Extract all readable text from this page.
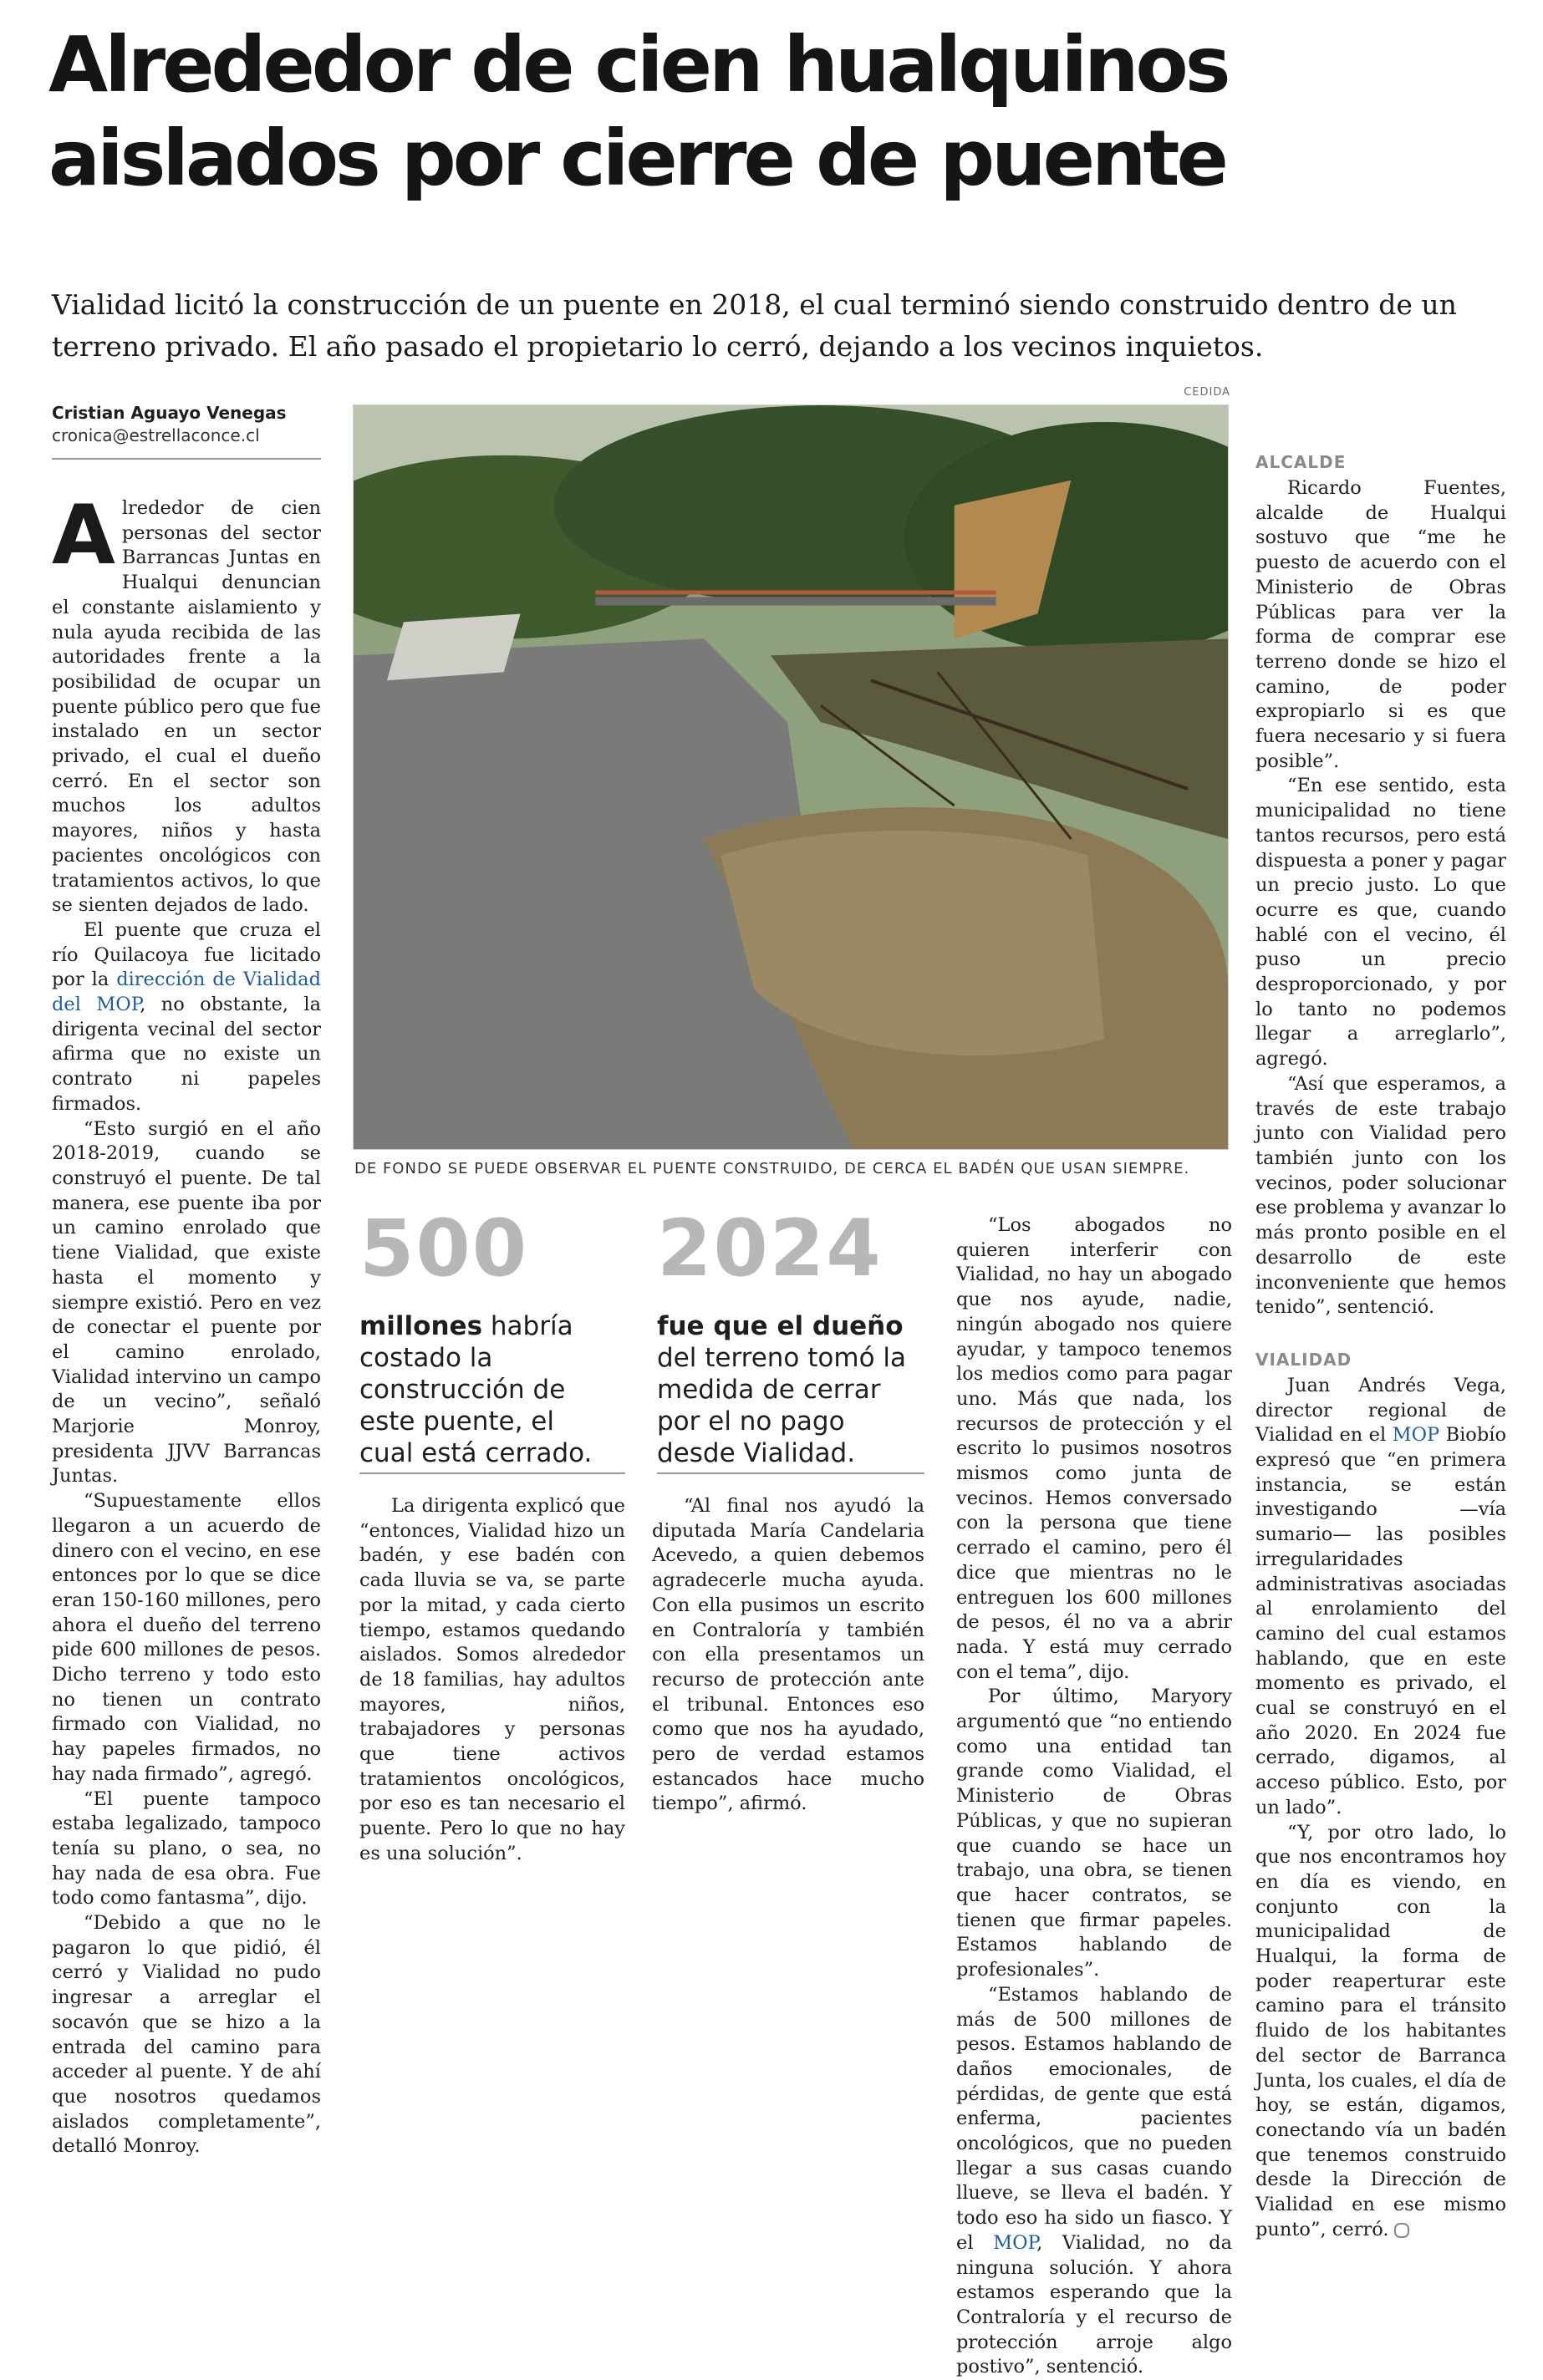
Alrededor de cien hualquinos aislados por cierre de puente

Vialidad licitó la construcción de un puente en 2018, el cual terminó siendo construido dentro de un terreno privado. El año pasado el propietario lo cerró, dejando a los vecinos inquietos.

Cristian Aguayo Venegas
cronica@estrellaconce.cl

Alrededor de cien personas del sector Barrancas Juntas en Hualqui denuncian el constante aislamiento y nula ayuda recibida de las autoridades frente a la posibilidad de ocupar un puente público pero que fue instalado en un sector privado, el cual el dueño cerró. En el sector son muchos los adultos mayores, niños y hasta pacientes oncológicos con tratamientos activos, lo que se sienten dejados de lado.

El puente que cruza el río Quilacoya fue licitado por la dirección de Vialidad del MOP, no obstante, la dirigenta vecinal del sector afirma que no existe un contrato ni papeles firmados.

“Esto surgió en el año 2018-2019, cuando se construyó el puente. De tal manera, ese puente iba por un camino enrolado que tiene Vialidad, que existe hasta el momento y siempre existió. Pero en vez de conectar el puente por el camino enrolado, Vialidad intervino un campo de un vecino”, señaló Marjorie Monroy, presidenta JJVV Barrancas Juntas.

“Supuestamente ellos llegaron a un acuerdo de dinero con el vecino, en ese entonces por lo que se dice eran 150-160 millones, pero ahora el dueño del terreno pide 600 millones de pesos. Dicho terreno y todo esto no tienen un contrato firmado con Vialidad, no hay papeles firmados, no hay nada firmado”, agregó.

“El puente tampoco estaba legalizado, tampoco tenía su plano, o sea, no hay nada de esa obra. Fue todo como fantasma”, dijo.

“Debido a que no le pagaron lo que pidió, él cerró y Vialidad no pudo ingresar a arreglar el socavón que se hizo a la entrada del camino para acceder al puente. Y de ahí que nosotros quedamos aislados completamente”, detalló Monroy.

CEDIDA
DE FONDO SE PUEDE OBSERVAR EL PUENTE CONSTRUIDO, DE CERCA EL BADÉN QUE USAN SIEMPRE.
500
millones habría costado la construcción de este puente, el cual está cerrado.
2024
fue que el dueño del terreno tomó la medida de cerrar por el no pago desde Vialidad.

La dirigenta explicó que “entonces, Vialidad hizo un badén, y ese badén con cada lluvia se va, se parte por la mitad, y cada cierto tiempo, estamos quedando aislados. Somos alrededor de 18 familias, hay adultos mayores, niños, trabajadores y personas que tiene activos tratamientos oncológicos, por eso es tan necesario el puente. Pero lo que no hay es una solución”.

“Al final nos ayudó la diputada María Candelaria Acevedo, a quien debemos agradecerle mucha ayuda. Con ella pusimos un escrito en Contraloría y también con ella presentamos un recurso de protección ante el tribunal. Entonces eso como que nos ha ayudado, pero de verdad estamos estancados hace mucho tiempo”, afirmó.

“Los abogados no quieren interferir con Vialidad, no hay un abogado que nos ayude, nadie, ningún abogado nos quiere ayudar, y tampoco tenemos los medios como para pagar uno. Más que nada, los recursos de protección y el escrito lo pusimos nosotros mismos como junta de vecinos. Hemos conversado con la persona que tiene cerrado el camino, pero él dice que mientras no le entreguen los 600 millones de pesos, él no va a abrir nada. Y está muy cerrado con el tema”, dijo.

Por último, Maryory argumentó que “no entiendo como una entidad tan grande como Vialidad, el Ministerio de Obras Públicas, y que no supieran que cuando se hace un trabajo, una obra, se tienen que hacer contratos, se tienen que firmar papeles. Estamos hablando de profesionales”.

“Estamos hablando de más de 500 millones de pesos. Estamos hablando de daños emocionales, de pérdidas, de gente que está enferma, pacientes oncológicos, que no pueden llegar a sus casas cuando llueve, se lleva el badén. Y todo eso ha sido un fiasco. Y el MOP, Vialidad, no da ninguna solución. Y ahora estamos esperando que la Contraloría y el recurso de protección arroje algo postivo”, sentenció.

ALCALDE

Ricardo Fuentes, alcalde de Hualqui sostuvo que “me he puesto de acuerdo con el Ministerio de Obras Públicas para ver la forma de comprar ese terreno donde se hizo el camino, de poder expropiarlo si es que fuera necesario y si fuera posible”.

“En ese sentido, esta municipalidad no tiene tantos recursos, pero está dispuesta a poner y pagar un precio justo. Lo que ocurre es que, cuando hablé con el vecino, él puso un precio desproporcionado, y por lo tanto no podemos llegar a arreglarlo”, agregó.

“Así que esperamos, a través de este trabajo junto con Vialidad pero también junto con los vecinos, poder solucionar ese problema y avanzar lo más pronto posible en el desarrollo de este inconveniente que hemos tenido”, sentenció.

VIALIDAD

Juan Andrés Vega, director regional de Vialidad en el MOP Biobío expresó que “en primera instancia, se están investigando —vía sumario— las posibles irregularidades administrativas asociadas al enrolamiento del camino del cual estamos hablando, que en este momento es privado, el cual se construyó en el año 2020. En 2024 fue cerrado, digamos, al acceso público. Esto, por un lado”.

“Y, por otro lado, lo que nos encontramos hoy en día es viendo, en conjunto con la municipalidad de Hualqui, la forma de poder reaperturar este camino para el tránsito fluido de los habitantes del sector de Barranca Junta, los cuales, el día de hoy, se están, digamos, conectando vía un badén que tenemos construido desde la Dirección de Vialidad en ese mismo punto”, cerró.
